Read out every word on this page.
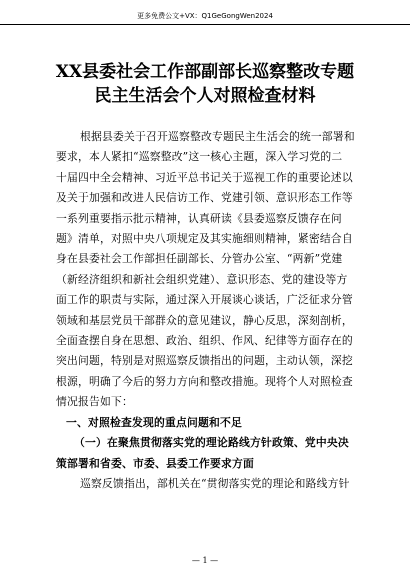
更多免费公文+VX：Q1GeGongWen2024
XX县委社会工作部副部长巡察整改专题
民主生活会个人对照检查材料
根据县委关于召开巡察整改专题民主生活会的统一部署和
要求，本人紧扣“巡察整改”这一核心主题，深入学习党的二
十届四中全会精神、习近平总书记关于巡视工作的重要论述以
及关于加强和改进人民信访工作、党建引领、意识形态工作等
一系列重要指示批示精神，认真研读《县委巡察反馈存在问
题》清单，对照中央八项规定及其实施细则精神，紧密结合自
身在县委社会工作部担任副部长、分管办公室、“两新”党建
（新经济组织和新社会组织党建）、意识形态、党的建设等方
面工作的职责与实际，通过深入开展谈心谈话，广泛征求分管
领域和基层党员干部群众的意见建议，静心反思，深刻剖析，
全面查摆自身在思想、政治、组织、作风、纪律等方面存在的
突出问题，特别是对照巡察反馈指出的问题，主动认领，深挖
根源，明确了今后的努力方向和整改措施。现将个人对照检查
情况报告如下：
一、对照检查发现的重点问题和不足
（一）在聚焦贯彻落实党的理论路线方针政策、党中央决
策部署和省委、市委、县委工作要求方面
巡察反馈指出，部机关在“贯彻落实党的理论和路线方针
— 1 —
